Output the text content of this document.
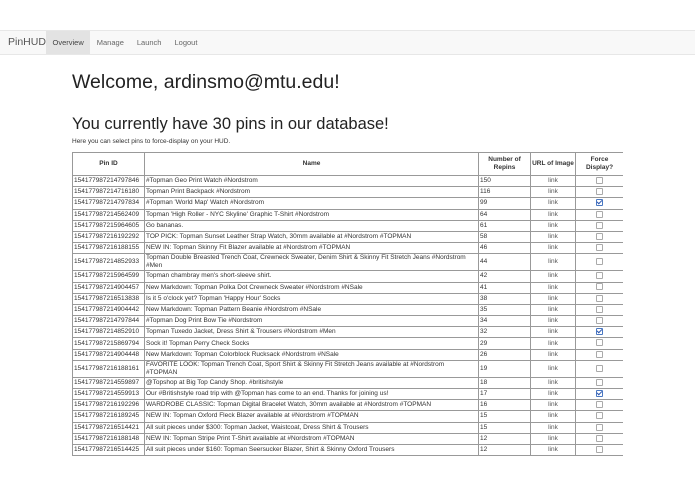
PinHUD Overview	Manage	Launch	Logout
Welcome, ardinsmo@mtu.edu!
You currently have 30 pins in our database!

Here you can select pins to force-display on your HUD.

Pin ID	Name	Number of Repins	URL of Image	Force Display?
154177987214797846	#Topman Geo Print Watch #Nordstrom	150	link	
154177987214716180	Topman Print Backpack #Nordstrom	116	link	
154177987214797834	#Topman 'World Map' Watch #Nordstrom	99	link	
154177987214562409	Topman 'High Roller - NYC Skyline' Graphic T-Shirt #Nordstrom	64	link	
154177987215964605	Go bananas.	61	link	
154177987216192292	TOP PICK: Topman Sunset Leather Strap Watch, 30mm available at #Nordstrom #TOPMAN	58	link	
154177987216188155	NEW IN: Topman Skinny Fit Blazer available at #Nordstrom #TOPMAN	46	link	
154177987214852933	Topman Double Breasted Trench Coat, Crewneck Sweater, Denim Shirt & Skinny Fit Stretch Jeans #Nordstrom #Men	44	link	
154177987215964599	Topman chambray men's short-sleeve shirt.	42	link	
154177987214904457	New Markdown: Topman Polka Dot Crewneck Sweater #Nordstrom #NSale	41	link	
154177987216513838	Is it 5 o'clock yet? Topman 'Happy Hour' Socks	38	link	
154177987214904442	New Markdown: Topman Pattern Beanie #Nordstrom #NSale	35	link	
154177987214797844	#Topman Dog Print Bow Tie #Nordstrom	34	link	
154177987214852910	Topman Tuxedo Jacket, Dress Shirt & Trousers #Nordstrom #Men	32	link	
154177987215869794	Sock it! Topman Perry Check Socks	29	link	
154177987214904448	New Markdown: Topman Colorblock Rucksack #Nordstrom #NSale	26	link	
154177987216188161	FAVORITE LOOK: Topman Trench Coat, Sport Shirt & Skinny Fit Stretch Jeans available at #Nordstrom #TOPMAN	19	link	
154177987214559897	@Topshop at Big Top Candy Shop. #britishstyle	18	link	
154177987214559913	Our #Britishstyle road trip with @Topman has come to an end. Thanks for joining us!	17	link	
154177987216192296	WARDROBE CLASSIC: Topman Digital Bracelet Watch, 30mm available at #Nordstrom #TOPMAN	16	link	
154177987216189245	NEW IN: Topman Oxford Fleck Blazer available at #Nordstrom #TOPMAN	15	link	
154177987216514421	All suit pieces under $300: Topman Jacket, Waistcoat, Dress Shirt & Trousers	15	link	
154177987216188148	NEW IN: Topman Stripe Print T-Shirt available at #Nordstrom #TOPMAN	12	link	
154177987216514425	All suit pieces under $160: Topman Seersucker Blazer, Shirt & Skinny Oxford Trousers	12	link	
